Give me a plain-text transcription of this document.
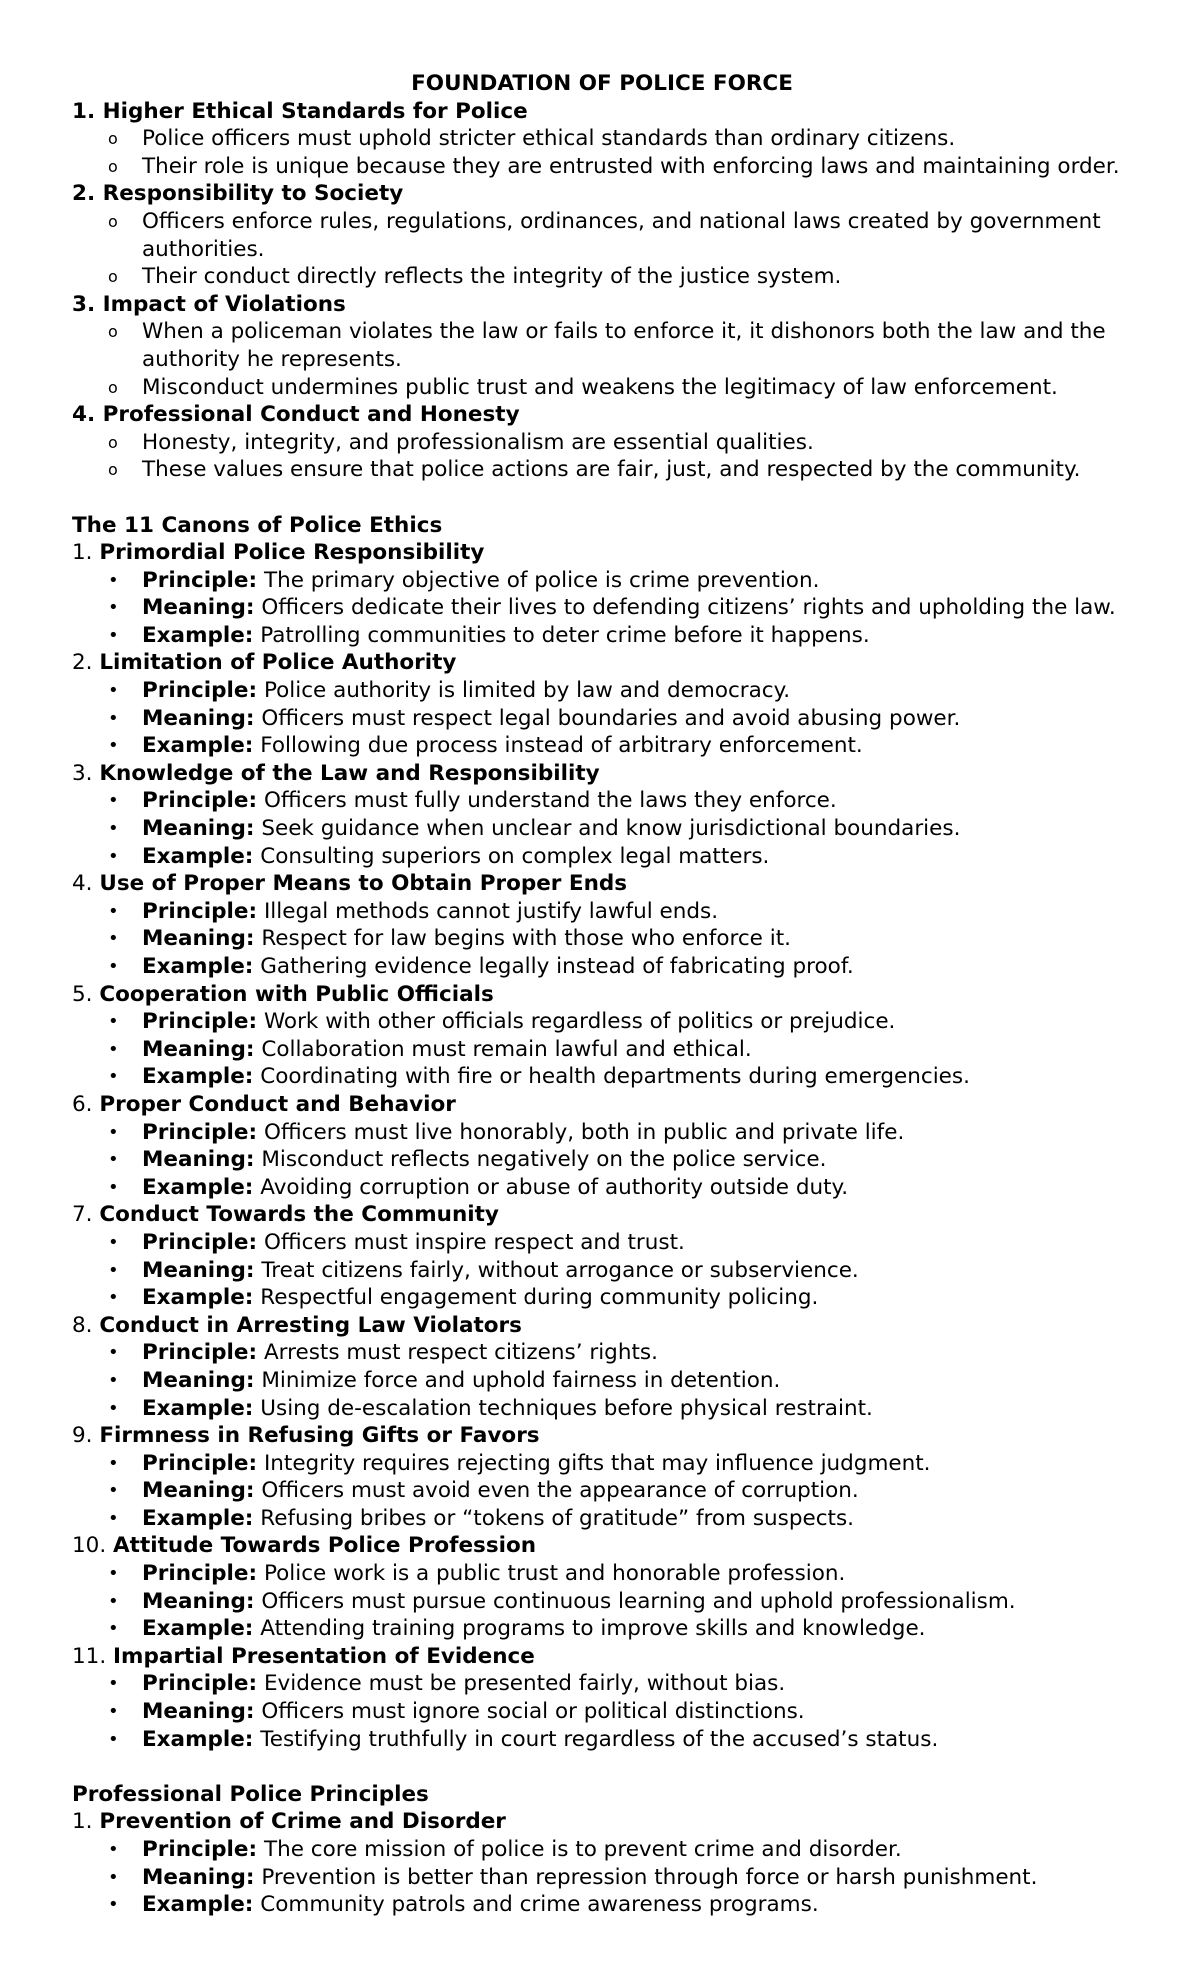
FOUNDATION OF POLICE FORCE
1. Higher Ethical Standards for Police
o	Police officers must uphold stricter ethical standards than ordinary citizens.
o	Their role is unique because they are entrusted with enforcing laws and maintaining order.
2. Responsibility to Society
o	Officers enforce rules, regulations, ordinances, and national laws created by government
authorities.
o	Their conduct directly reflects the integrity of the justice system.
3. Impact of Violations
o	When a policeman violates the law or fails to enforce it, it dishonors both the law and the
authority he represents.
o	Misconduct undermines public trust and weakens the legitimacy of law enforcement.
4. Professional Conduct and Honesty
o	Honesty, integrity, and professionalism are essential qualities.
o	These values ensure that police actions are fair, just, and respected by the community.
The 11 Canons of Police Ethics
1. Primordial Police Responsibility
• Principle: The primary objective of police is crime prevention.
• Meaning: Officers dedicate their lives to defending citizens’ rights and upholding the law.
• Example: Patrolling communities to deter crime before it happens.
2. Limitation of Police Authority
• Principle: Police authority is limited by law and democracy.
• Meaning: Officers must respect legal boundaries and avoid abusing power.
• Example: Following due process instead of arbitrary enforcement.
3. Knowledge of the Law and Responsibility
• Principle: Officers must fully understand the laws they enforce.
• Meaning: Seek guidance when unclear and know jurisdictional boundaries.
• Example: Consulting superiors on complex legal matters.
4. Use of Proper Means to Obtain Proper Ends
• Principle: Illegal methods cannot justify lawful ends.
• Meaning: Respect for law begins with those who enforce it.
• Example: Gathering evidence legally instead of fabricating proof.
5. Cooperation with Public Officials
• Principle: Work with other officials regardless of politics or prejudice.
• Meaning: Collaboration must remain lawful and ethical.
• Example: Coordinating with fire or health departments during emergencies.
6. Proper Conduct and Behavior
• Principle: Officers must live honorably, both in public and private life.
• Meaning: Misconduct reflects negatively on the police service.
• Example: Avoiding corruption or abuse of authority outside duty.
7. Conduct Towards the Community
• Principle: Officers must inspire respect and trust.
• Meaning: Treat citizens fairly, without arrogance or subservience.
• Example: Respectful engagement during community policing.
8. Conduct in Arresting Law Violators
• Principle: Arrests must respect citizens’ rights.
• Meaning: Minimize force and uphold fairness in detention.
• Example: Using de-escalation techniques before physical restraint.
9. Firmness in Refusing Gifts or Favors
• Principle: Integrity requires rejecting gifts that may influence judgment.
• Meaning: Officers must avoid even the appearance of corruption.
• Example: Refusing bribes or “tokens of gratitude” from suspects.
10. Attitude Towards Police Profession
• Principle: Police work is a public trust and honorable profession.
• Meaning: Officers must pursue continuous learning and uphold professionalism.
• Example: Attending training programs to improve skills and knowledge.
11. Impartial Presentation of Evidence
• Principle: Evidence must be presented fairly, without bias.
• Meaning: Officers must ignore social or political distinctions.
• Example: Testifying truthfully in court regardless of the accused’s status.
Professional Police Principles
1. Prevention of Crime and Disorder
• Principle: The core mission of police is to prevent crime and disorder.
• Meaning: Prevention is better than repression through force or harsh punishment.
• Example: Community patrols and crime awareness programs.
